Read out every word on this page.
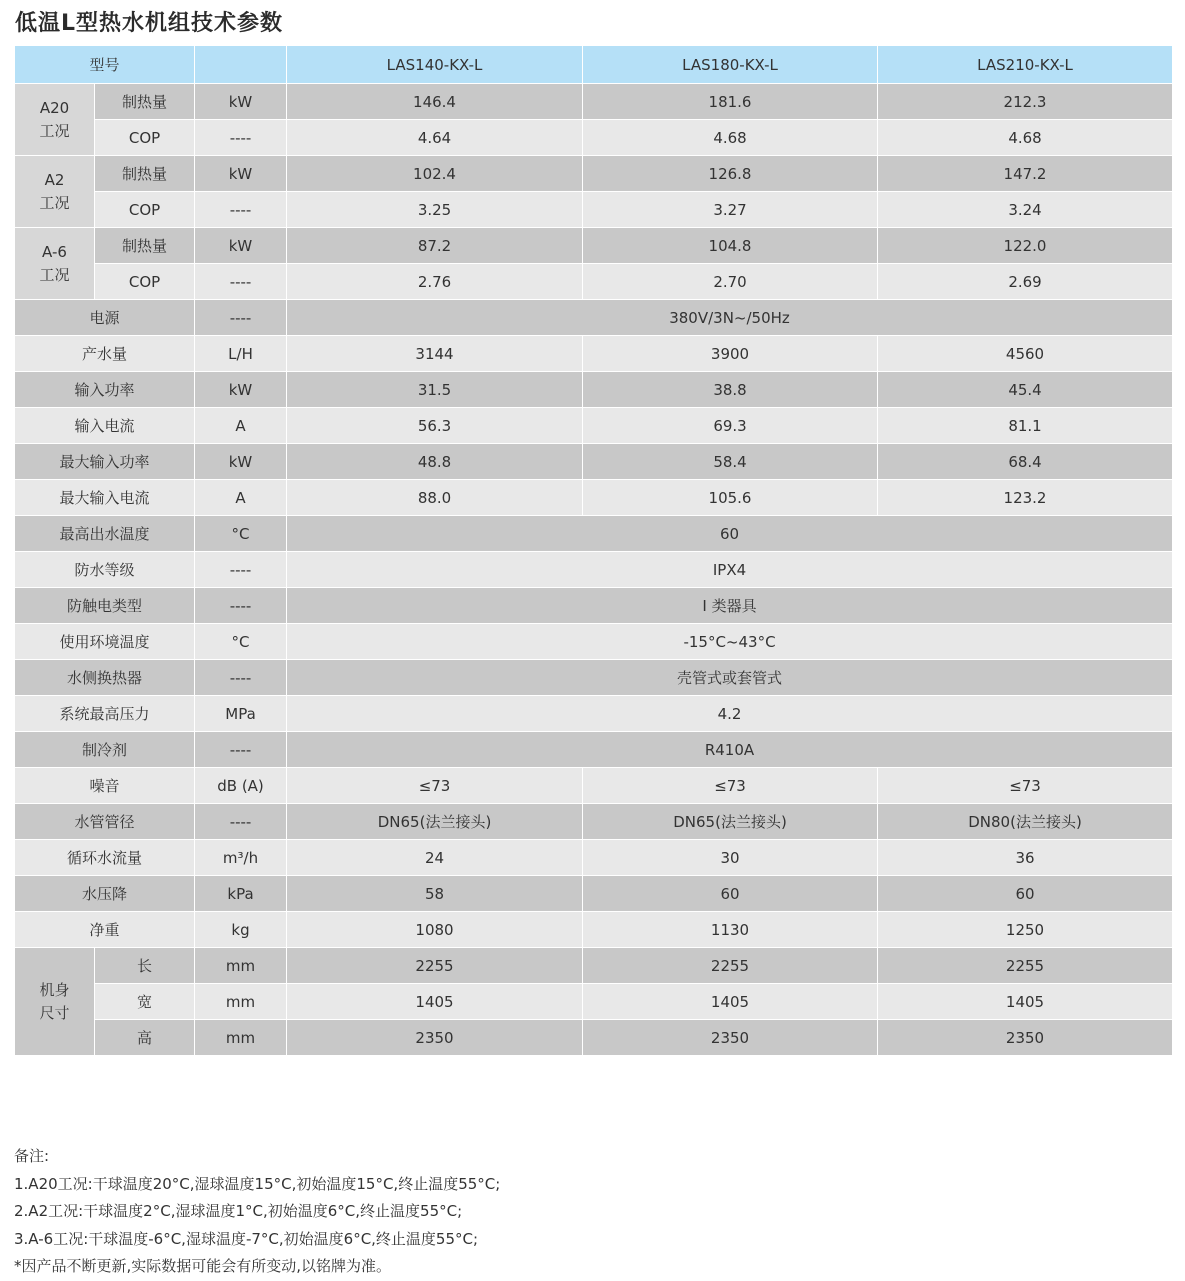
低温L型热水机组技术参数
型号			LAS140-KX-L	LAS180-KX-L	LAS210-KX-L
A20
工况	制热量	kW	146.4	181.6	212.3
	COP	----	4.64	4.68	4.68
A2
工况	制热量	kW	102.4	126.8	147.2
	COP	----	3.25	3.27	3.24
A-6
工况	制热量	kW	87.2	104.8	122.0
	COP	----	2.76	2.70	2.69
电源		----	380V/3N~/50Hz		
产水量		L/H	3144	3900	4560
输入功率		kW	31.5	38.8	45.4
输入电流		A	56.3	69.3	81.1
最大输入功率		kW	48.8	58.4	68.4
最大输入电流		A	88.0	105.6	123.2
最高出水温度		°C	60		
防水等级		----	IPX4		
防触电类型		----	I 类器具		
使用环境温度		°C	-15°C~43°C		
水侧换热器		----	壳管式或套管式		
系统最高压力		MPa	4.2		
制冷剂		----	R410A		
噪音		dB (A)	≤73	≤73	≤73
水管管径		----	DN65(法兰接头)	DN65(法兰接头)	DN80(法兰接头)
循环水流量		m³/h	24	30	36
水压降		kPa	58	60	60
净重		kg	1080	1130	1250
机身
尺寸	长	mm	2255	2255	2255
	宽	mm	1405	1405	1405
	高	mm	2350	2350	2350
备注:
1.A20工况:干球温度20°C,湿球温度15°C,初始温度15°C,终止温度55°C;
2.A2工况:干球温度2°C,湿球温度1°C,初始温度6°C,终止温度55°C;
3.A-6工况:干球温度-6°C,湿球温度-7°C,初始温度6°C,终止温度55°C;
*因产品不断更新,实际数据可能会有所变动,以铭牌为准。
